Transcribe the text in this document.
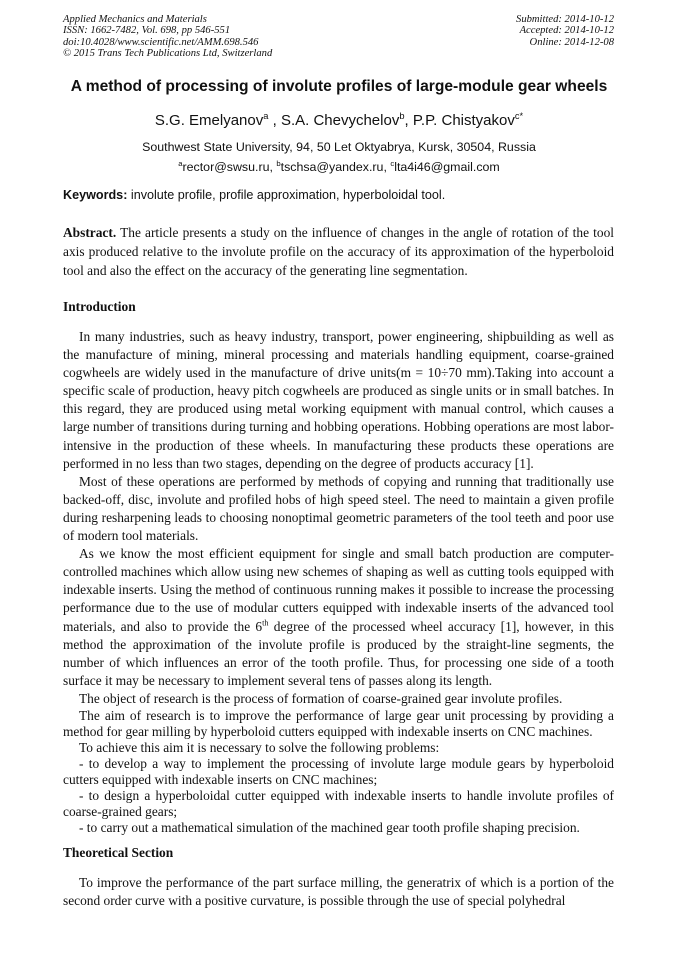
Applied Mechanics and Materials
ISSN: 1662-7482, Vol. 698, pp 546-551
doi:10.4028/www.scientific.net/AMM.698.546
© 2015 Trans Tech Publications Ltd, Switzerland
Submitted: 2014-10-12
Accepted: 2014-10-12
Online: 2014-12-08
A method of processing of involute profiles of large-module gear wheels
S.G. Emelyanov$^a$ , S.A. Chevychelov$^b$, P.P. Chistyakov$^{c*}$
Southwest State University, 94, 50 Let Oktyabrya, Kursk, 30504, Russia
$^a$rector@swsu.ru, $^b$tschsa@yandex.ru, $^c$lta4i46@gmail.com
Keywords: involute profile, profile approximation, hyperboloidal tool.

Abstract. The article presents a study on the influence of changes in the angle of rotation of the tool axis produced relative to the involute profile on the accuracy of its approximation of the hyperboloid tool and also the effect on the accuracy of the generating line segmentation.

Introduction

In many industries, such as heavy industry, transport, power engineering, shipbuilding as well as the manufacture of mining, mineral processing and materials handling equipment, coarse-grained cogwheels are widely used in the manufacture of drive units(m = 10÷70 mm).Taking into account a specific scale of production, heavy pitch cogwheels are produced as single units or in small batches. In this regard, they are produced using metal working equipment with manual control, which causes a large number of transitions during turning and hobbing operations. Hobbing operations are most labor-intensive in the production of these wheels. In manufacturing these products these operations are performed in no less than two stages, depending on the degree of products accuracy [1].

Most of these operations are performed by methods of copying and running that traditionally use backed-off, disc, involute and profiled hobs of high speed steel. The need to maintain a given profile during resharpening leads to choosing nonoptimal geometric parameters of the tool teeth and poor use of modern tool materials.

As we know the most efficient equipment for single and small batch production are computer-controlled machines which allow using new schemes of shaping as well as cutting tools equipped with indexable inserts. Using the method of continuous running makes it possible to increase the processing performance due to the use of modular cutters equipped with indexable inserts of the advanced tool materials, and also to provide the 6th degree of the processed wheel accuracy [1], however, in this method the approximation of the involute profile is produced by the straight-line segments, the number of which influences an error of the tooth profile. Thus, for processing one side of a tooth surface it may be necessary to implement several tens of passes along its length.

The object of research is the process of formation of coarse-grained gear involute profiles.

The aim of research is to improve the performance of large gear unit processing by providing a method for gear milling by hyperboloid cutters equipped with indexable inserts on CNC machines.

To achieve this aim it is necessary to solve the following problems:

- to develop a way to implement the processing of involute large module gears by hyperboloid cutters equipped with indexable inserts on CNC machines;

- to design a hyperboloidal cutter equipped with indexable inserts to handle involute profiles of coarse-grained gears;

- to carry out a mathematical simulation of the machined gear tooth profile shaping precision.

Theoretical Section

To improve the performance of the part surface milling, the generatrix of which is a portion of the second order curve with a positive curvature, is possible through the use of special polyhedral
